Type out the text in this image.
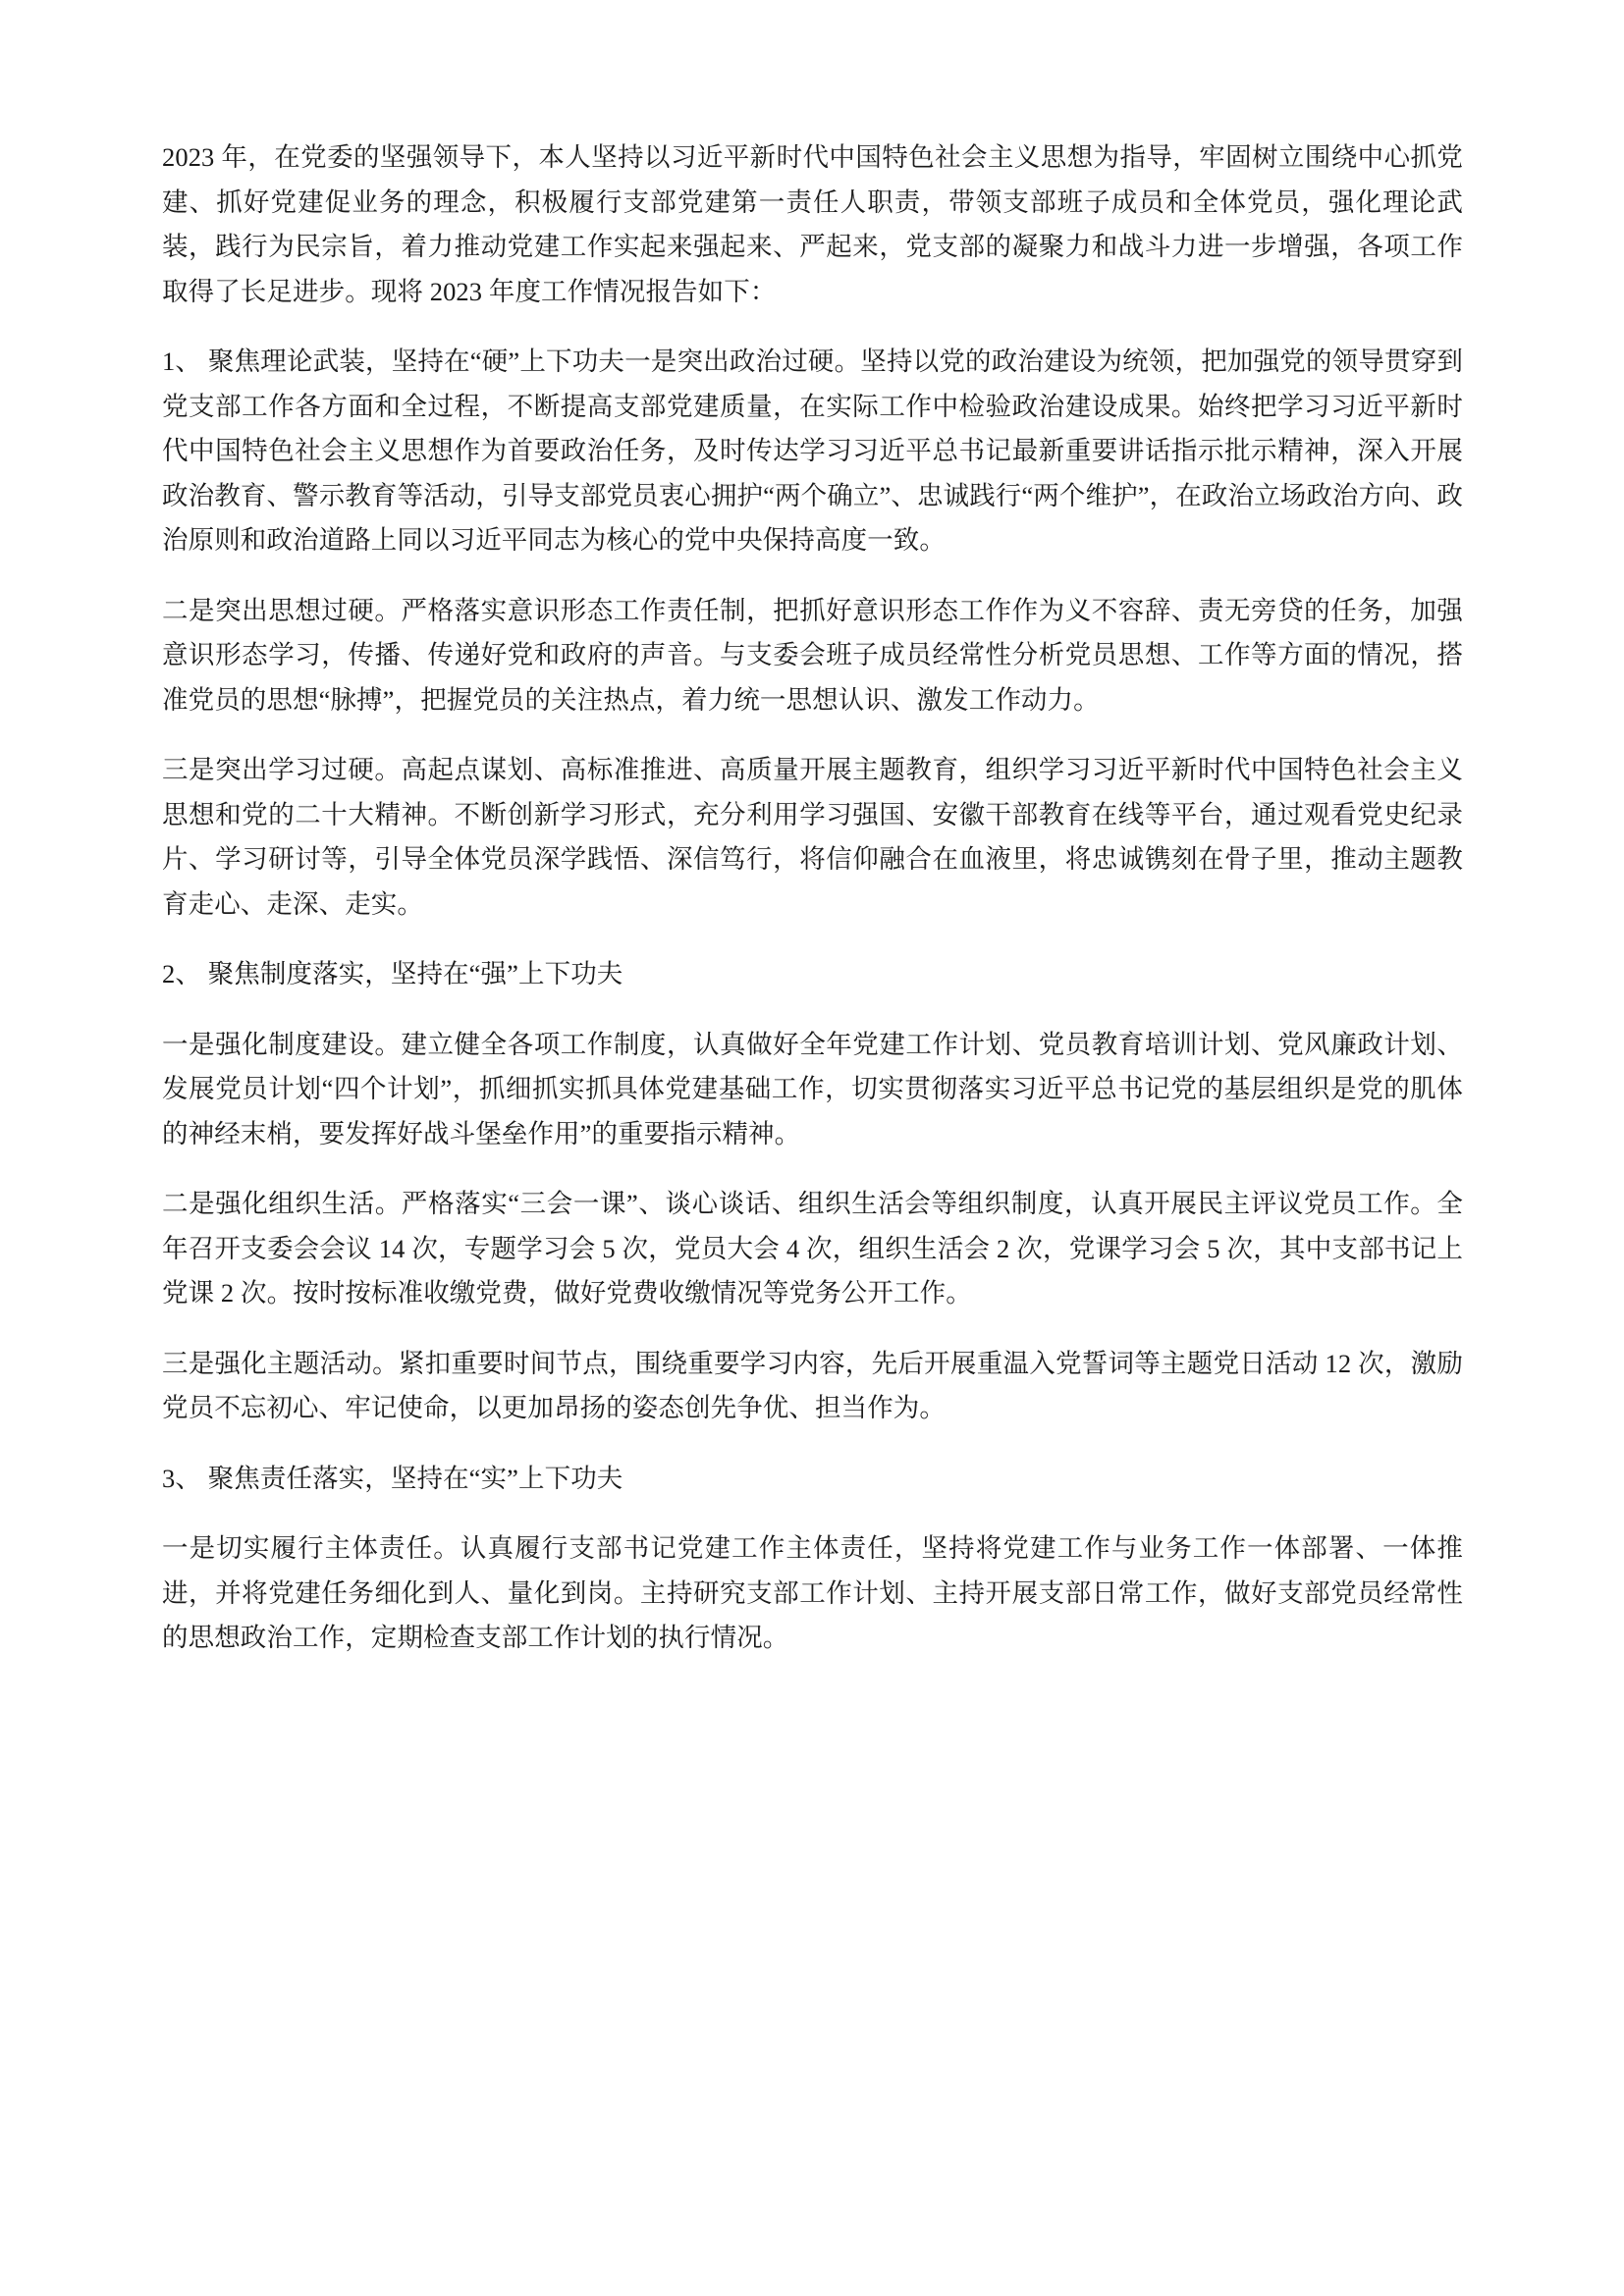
2023 年，在党委的坚强领导下，本人坚持以习近平新时代中国特色社会主义思想为指导，牢固树立围绕中心抓党建、抓好党建促业务的理念，积极履行支部党建第一责任人职责，带领支部班子成员和全体党员，强化理论武装，践行为民宗旨，着力推动党建工作实起来强起来、严起来，党支部的凝聚力和战斗力进一步增强，各项工作取得了长足进步。现将 2023 年度工作情况报告如下：

1、 聚焦理论武装，坚持在“硬”上下功夫一是突出政治过硬。坚持以党的政治建设为统领，把加强党的领导贯穿到党支部工作各方面和全过程，不断提高支部党建质量，在实际工作中检验政治建设成果。始终把学习习近平新时代中国特色社会主义思想作为首要政治任务，及时传达学习习近平总书记最新重要讲话指示批示精神，深入开展政治教育、警示教育等活动，引导支部党员衷心拥护“两个确立”、忠诚践行“两个维护”，在政治立场政治方向、政治原则和政治道路上同以习近平同志为核心的党中央保持高度一致。

二是突出思想过硬。严格落实意识形态工作责任制，把抓好意识形态工作作为义不容辞、责无旁贷的任务，加强意识形态学习，传播、传递好党和政府的声音。与支委会班子成员经常性分析党员思想、工作等方面的情况，搭准党员的思想“脉搏”，把握党员的关注热点，着力统一思想认识、激发工作动力。

三是突出学习过硬。高起点谋划、高标准推进、高质量开展主题教育，组织学习习近平新时代中国特色社会主义思想和党的二十大精神。不断创新学习形式，充分利用学习强国、安徽干部教育在线等平台，通过观看党史纪录片、学习研讨等，引导全体党员深学践悟、深信笃行，将信仰融合在血液里，将忠诚镌刻在骨子里，推动主题教育走心、走深、走实。

2、 聚焦制度落实，坚持在“强”上下功夫

一是强化制度建设。建立健全各项工作制度，认真做好全年党建工作计划、党员教育培训计划、党风廉政计划、发展党员计划“四个计划”，抓细抓实抓具体党建基础工作，切实贯彻落实习近平总书记党的基层组织是党的肌体的神经末梢，要发挥好战斗堡垒作用”的重要指示精神。

二是强化组织生活。严格落实“三会一课”、谈心谈话、组织生活会等组织制度，认真开展民主评议党员工作。全年召开支委会会议 14 次，专题学习会 5 次，党员大会 4 次，组织生活会 2 次，党课学习会 5 次，其中支部书记上党课 2 次。按时按标准收缴党费，做好党费收缴情况等党务公开工作。

三是强化主题活动。紧扣重要时间节点，围绕重要学习内容，先后开展重温入党誓词等主题党日活动 12 次，激励党员不忘初心、牢记使命，以更加昂扬的姿态创先争优、担当作为。

3、 聚焦责任落实，坚持在“实”上下功夫

一是切实履行主体责任。认真履行支部书记党建工作主体责任，坚持将党建工作与业务工作一体部署、一体推进，并将党建任务细化到人、量化到岗。主持研究支部工作计划、主持开展支部日常工作，做好支部党员经常性的思想政治工作，定期检查支部工作计划的执行情况。
